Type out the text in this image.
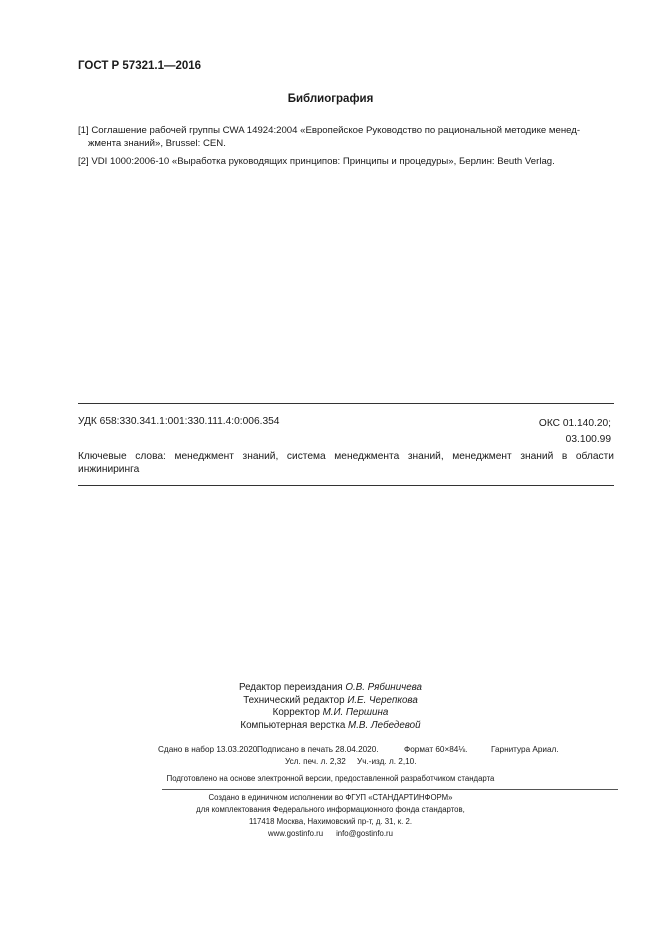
ГОСТ Р 57321.1—2016
Библиография
[1] Соглашение рабочей группы CWA 14924:2004 «Европейское Руководство по рациональной методике менед-
жмента знаний», Brussel: CEN.
[2] VDI 1000:2006-10 «Выработка руководящих принципов: Принципы и процедуры», Берлин: Beuth Verlag.
УДК 658:330.341.1:001:330.111.4:0:006.354	ОКС 01.140.20;
03.100.99
Ключевые слова: менеджмент знаний, система менеджмента знаний, менеджмент знаний в области инжиниринга
Редактор переиздания О.В. Рябиничева
Технический редактор И.Е. Черепкова
Корректор М.И. Першина
Компьютерная верстка М.В. Лебедевой
Сдано в набор 13.03.2020.
Подписано в печать 28.04.2020.	Формат 60×84⅛.	Гарнитура Ариал.
Усл. печ. л. 2,32 Уч.-изд. л. 2,10.
Подготовлено на основе электронной версии, предоставленной разработчиком стандарта
Создано в единичном исполнении во ФГУП «СТАНДАРТИНФОРМ»
для комплектования Федерального информационного фонда стандартов,
117418 Москва, Нахимовский пр-т, д. 31, к. 2.
www.gostinfo.ru info@gostinfo.ru
